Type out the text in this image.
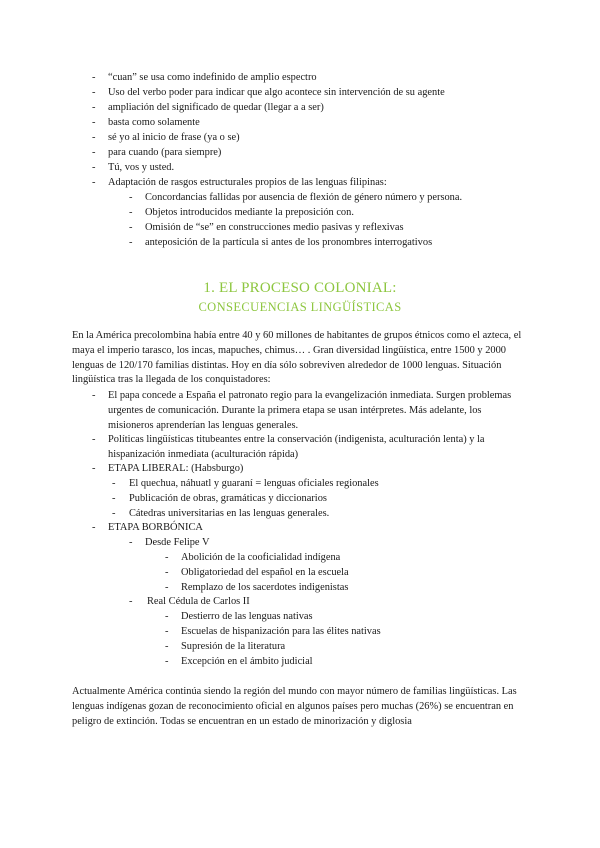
- “cuan” se usa como indefinido de amplio espectro
- Uso del verbo poder para indicar que algo acontece sin intervención de su agente
- ampliación del significado de quedar (llegar a a ser)
- basta como solamente
- sé yo al inicio de frase (ya o se)
- para cuando (para siempre)
- Tú, vos y usted.
- Adaptación de rasgos estructurales propios de las lenguas filipinas:
- Concordancias fallidas por ausencia de flexión de género número y persona.
- Objetos introducidos mediante la preposición con.
- Omisión de “se” en construcciones medio pasivas y reflexivas
- anteposición de la partícula si antes de los pronombres interrogativos
1. EL PROCESO COLONIAL:
CONSECUENCIAS LINGÜÍSTICAS
En la América precolombina había entre 40 y 60 millones de habitantes de grupos étnicos como el azteca, el maya el imperio tarasco, los incas, mapuches, chimus… . Gran diversidad lingüística, entre 1500 y 2000 lenguas de 120/170 familias distintas. Hoy en día sólo sobreviven alrededor de 1000 lenguas. Situación lingüística tras la llegada de los conquistadores:
- El papa concede a España el patronato regio para la evangelización inmediata. Surgen problemas urgentes de comunicación. Durante la primera etapa se usan intérpretes. Más adelante, los misioneros aprenderían las lenguas generales.
- Políticas lingüísticas titubeantes entre la conservación (indigenista, aculturación lenta) y la hispanización inmediata (aculturación rápida)
- ETAPA LIBERAL: (Habsburgo)
- El quechua, náhuatl y guaraní = lenguas oficiales regionales
- Publicación de obras, gramáticas y diccionarios
- Cátedras universitarias en las lenguas generales.
- ETAPA BORBÓNICA
- Desde Felipe V
- Abolición de la cooficialidad indígena
- Obligatoriedad del español en la escuela
- Remplazo de los sacerdotes indigenistas
- Real Cédula de Carlos II
- Destierro de las lenguas nativas
- Escuelas de hispanización para las élites nativas
- Supresión de la literatura
- Excepción en el ámbito judicial
Actualmente América continúa siendo la región del mundo con mayor número de familias lingüísticas. Las lenguas indígenas gozan de reconocimiento oficial en algunos países pero muchas (26%) se encuentran en peligro de extinción. Todas se encuentran en un estado de minorización y diglosia
